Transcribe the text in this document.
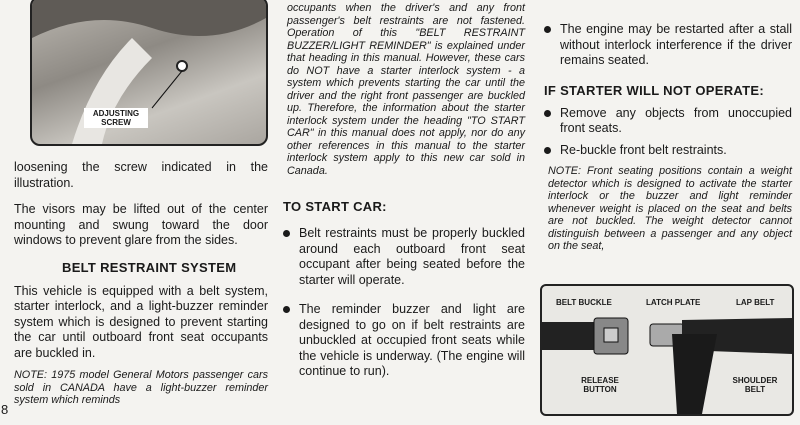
ADJUSTING SCREW

loosening the screw indicated in the illustration.

The visors may be lifted out of the center mounting and swung toward the door windows to prevent glare from the sides.

BELT RESTRAINT SYSTEM

This vehicle is equipped with a belt system, starter interlock, and a light-buzzer reminder system which is designed to prevent starting the car until outboard front seat occupants are buckled in.

NOTE: 1975 model General Motors passenger cars sold in CANADA have a light-buzzer reminder system which reminds

8

occupants when the driver's and any front passenger's belt restraints are not fastened. Operation of this "BELT RESTRAINT BUZZER/LIGHT REMINDER" is explained under that heading in this manual. However, these cars do NOT have a starter interlock system - a system which prevents starting the car until the driver and the right front passenger are buckled up. Therefore, the information about the starter interlock system under the heading "TO START CAR" in this manual does not apply, nor do any other references in this manual to the starter interlock system apply to this new car sold in Canada.

TO START CAR:

Belt restraints must be properly buckled around each outboard front seat occupant after being seated before the starter will operate.

The reminder buzzer and light are designed to go on if belt restraints are unbuckled at occupied front seats while the vehicle is underway. (The engine will continue to run).

The engine may be restarted after a stall without interlock interference if the driver remains seated.

IF STARTER WILL NOT OPERATE:

Remove any objects from unoccupied front seats.

Re-buckle front belt restraints.

NOTE: Front seating positions contain a weight detector which is designed to activate the starter interlock or the buzzer and light reminder whenever weight is placed on the seat and belts are not buckled. The weight detector cannot distinguish between a passenger and any object on the seat,

BELT BUCKLE	LATCH PLATE	LAP BELT
RELEASE BUTTON
SHOULDER BELT
